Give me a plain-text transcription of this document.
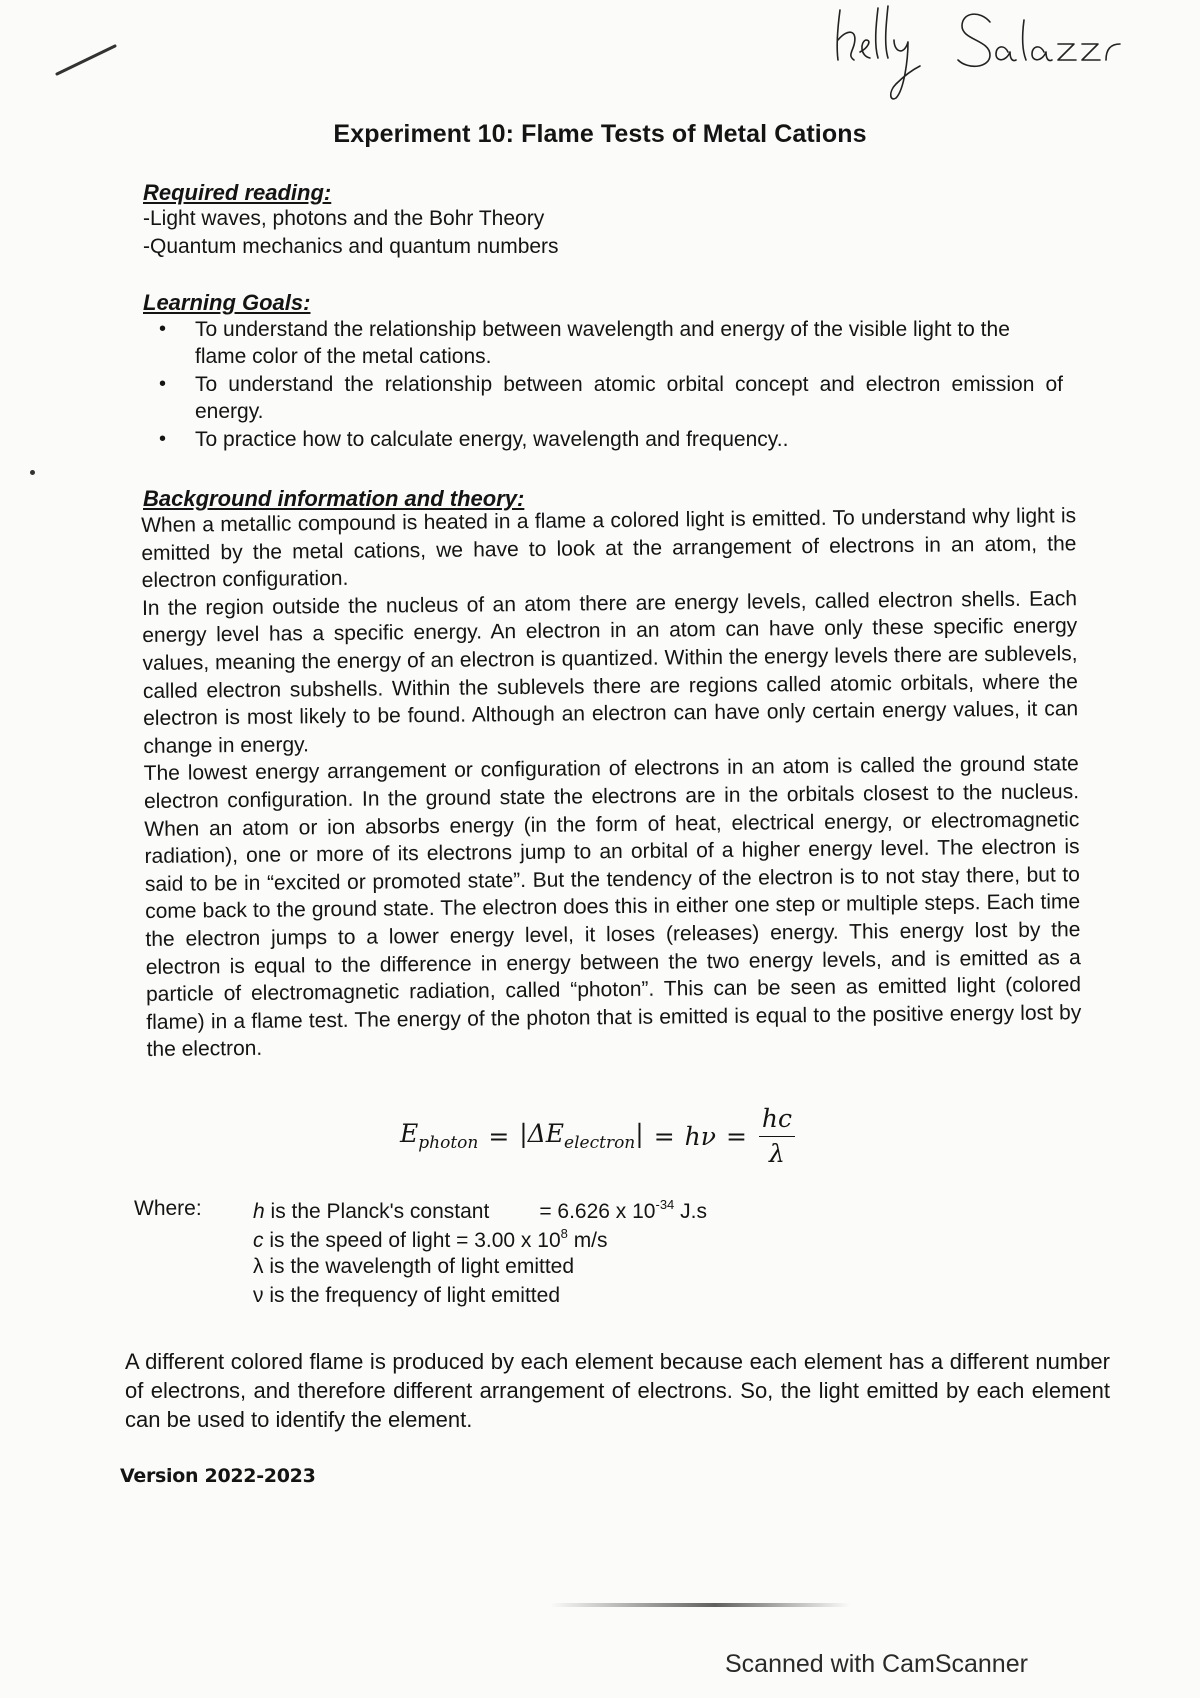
Experiment 10: Flame Tests of Metal Cations
Required reading:
-Light waves, photons and the Bohr Theory
-Quantum mechanics and quantum numbers
Learning Goals:
• To understand the relationship between wavelength and energy of the visible light to the flame color of the metal cations.
• To understand the relationship between atomic orbital concept and electron emission of energy.
• To practice how to calculate energy, wavelength and frequency..
Background information and theory:

When a metallic compound is heated in a flame a colored light is emitted. To understand why light is emitted by the metal cations, we have to look at the arrangement of electrons in an atom, the electron configuration.

In the region outside the nucleus of an atom there are energy levels, called electron shells. Each energy level has a specific energy. An electron in an atom can have only these specific energy values, meaning the energy of an electron is quantized. Within the energy levels there are sublevels, called electron subshells. Within the sublevels there are regions called atomic orbitals, where the electron is most likely to be found. Although an electron can have only certain energy values, it can change in energy.

The lowest energy arrangement or configuration of electrons in an atom is called the ground state electron configuration. In the ground state the electrons are in the orbitals closest to the nucleus. When an atom or ion absorbs energy (in the form of heat, electrical energy, or electromagnetic radiation), one or more of its electrons jump to an orbital of a higher energy level. The electron is said to be in “excited or promoted state”. But the tendency of the electron is to not stay there, but to come back to the ground state. The electron does this in either one step or multiple steps. Each time the electron jumps to a lower energy level, it loses (releases) energy. This energy lost by the electron is equal to the difference in energy between the two energy levels, and is emitted as a particle of electromagnetic radiation, called “photon”. This can be seen as emitted light (colored flame) in a flame test. The energy of the photon that is emitted is equal to the positive energy lost by the electron.

$E_{photon} = |\Delta E_{electron}| = h\nu = \frac{hc}{\lambda}$
Where: h is the Planck's constant = 6.626 x $10^{-34}$ J.s
c is the speed of light = 3.00 x $10^8$ m/s
λ is the wavelength of light emitted
ν is the frequency of light emitted
A different colored flame is produced by each element because each element has a different number of electrons, and therefore different arrangement of electrons. So, the light emitted by each element can be used to identify the element.
Version 2022-2023
Scanned with CamScanner
